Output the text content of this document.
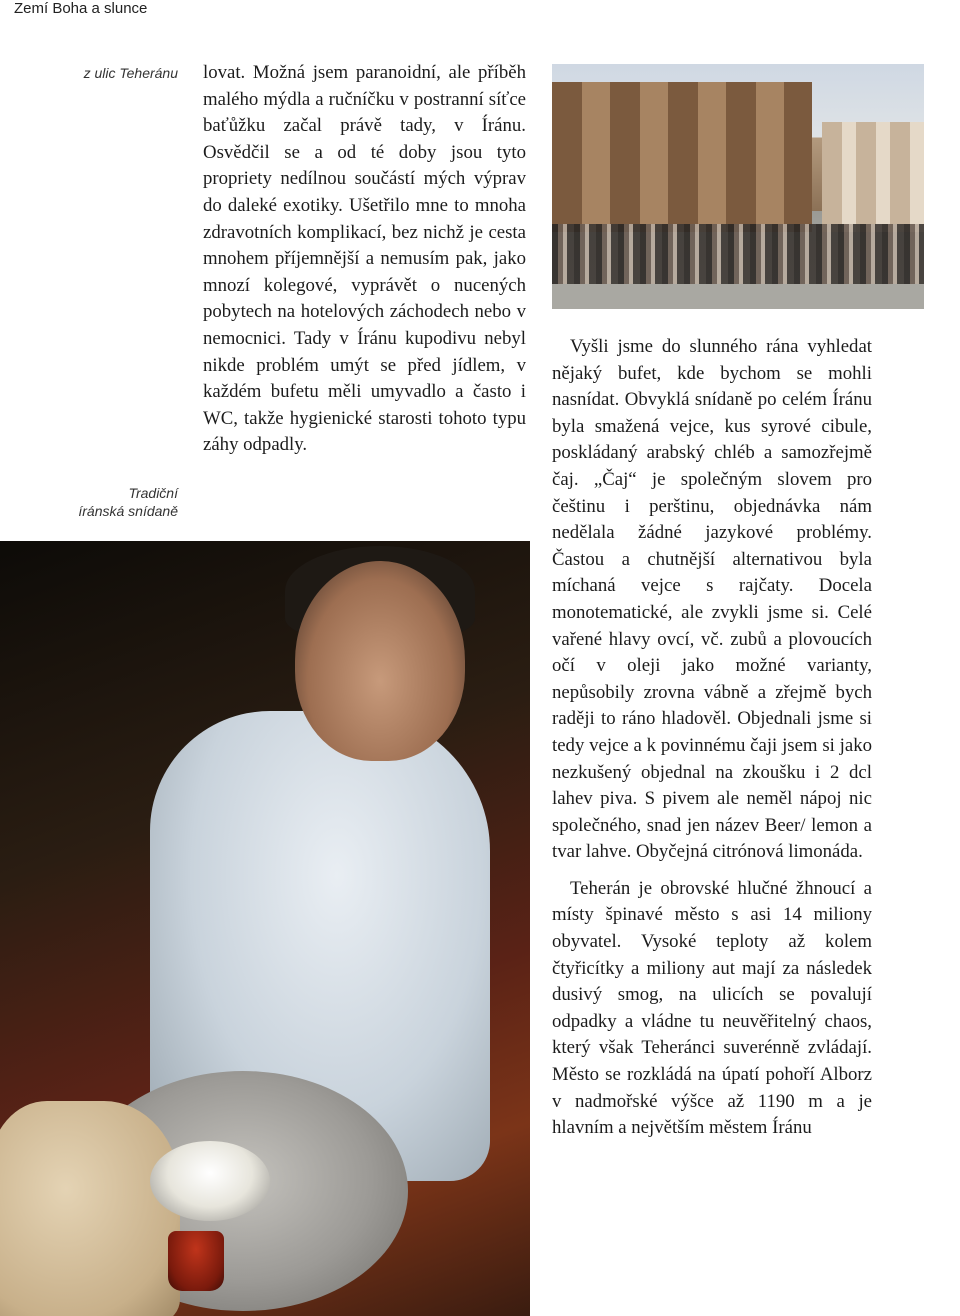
Zemí Boha a slunce
z ulic Teheránu
Tradiční
íránská snídaně

lovat. Možná jsem paranoidní, ale příběh malého mýdla a ručníčku v postranní síťce baťůžku začal právě tady, v Íránu. Osvědčil se a od té doby jsou tyto propriety nedílnou součástí mých výprav do daleké exotiky. Ušetřilo mne to mnoha zdravotních komplikací, bez nichž je cesta mnohem příjemnější a nemusím pak, jako mnozí kolegové, vyprávět o nucených pobytech na hotelových záchodech nebo v nemocnici. Tady v Íránu kupodivu nebyl nikde problém umýt se před jídlem, v každém bufetu měli umyvadlo a často i WC, takže hygienické starosti tohoto typu záhy odpadly.

Vyšli jsme do slunného rána vyhledat nějaký bufet, kde bychom se mohli nasnídat. Obvyklá snídaně po celém Íránu byla smažená vejce, kus syrové cibule, poskládaný arabský chléb a samozřejmě čaj. „Čaj“ je společným slovem pro češtinu i perštinu, objednávka nám nedělala žádné jazykové problémy. Častou a chutnější alternativou byla míchaná vejce s rajčaty. Docela monotematické, ale zvykli jsme si. Celé vařené hlavy ovcí, vč. zubů a plovoucích očí v oleji jako možné varianty, nepůsobily zrovna vábně a zřejmě bych raději to ráno hladověl. Objednali jsme si tedy vejce a k povinnému čaji jsem si jako nezkušený objednal na zkoušku i 2 dcl lahev piva. S pivem ale neměl nápoj nic společného, snad jen název Beer/ lemon a tvar lahve. Obyčejná citrónová limonáda.

Teherán je obrovské hlučné žhnoucí a místy špinavé město s asi 14 miliony obyvatel. Vysoké teploty až kolem čtyřicítky a miliony aut mají za následek dusivý smog, na ulicích se povalují odpadky a vládne tu neuvěřitelný chaos, který však Teheránci suverénně zvládají. Město se rozkládá na úpatí pohoří Alborz v nadmořské výšce až 1190 m a je hlavním a největším městem Íránu
